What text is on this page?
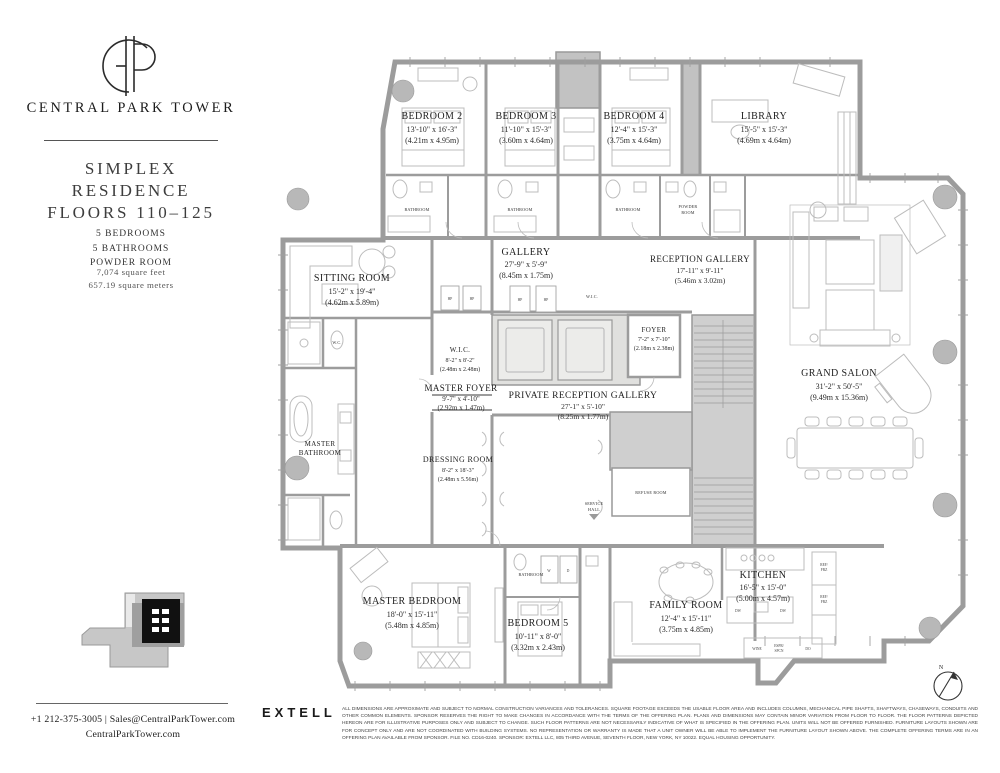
CENTRAL PARK TOWER
SIMPLEX
RESIDENCE
FLOORS 110–125
5 BEDROOMS
5 BATHROOMS
POWDER ROOM
7,074 square feet
657.19 square meters
+1 212-375-3005 | Sales@CentralParkTower.com
CentralParkTower.com
BEDROOM 2
13'-10" x 16'-3"
(4.21m x 4.95m)
BEDROOM 3
11'-10" x 15'-3"
(3.60m x 4.64m)
BEDROOM 4
12'-4" x 15'-3"
(3.75m x 4.64m)
LIBRARY
15'-5" x 15'-3"
(4.69m x 4.64m)
SITTING ROOM
15'-2" x 19'-4"
(4.62m x 5.89m)
GALLERY
27'-9" x 5'-9"
(8.45m x 1.75m)
RECEPTION GALLERY
17'-11" x 9'-11"
(5.46m x 3.02m)
FOYER
7'-2" x 7'-10"
(2.18m x 2.38m)
W.I.C.
8'-2" x 8'-2"
(2.48m x 2.48m)
MASTER FOYER
9'-7" x 4'-10"
(2.92m x 1.47m)
PRIVATE RECEPTION GALLERY
27'-1" x 5'-10"
(8.25m x 1.77m)
GRAND SALON
31'-2" x 50'-5"
(9.49m x 15.36m)
MASTER
BATHROOM
DRESSING ROOM
8'-2" x 18'-3"
(2.48m x 5.56m)
MASTER BEDROOM
18'-0" x 15'-11"
(5.48m x 4.85m)	BEDROOM 5
10'-11" x 8'-0"
(3.32m x 2.43m)
FAMILY ROOM
12'-4" x 15'-11"
(3.75m x 4.85m)
KITCHEN
16'-5" x 15'-0"
(5.00m x 4.57m)
BATHROOM	BATHROOM	BATHROOM
POWDER
ROOM
BATHROOM
W.C.
W.I.C.
REFUSE ROOM
SERVICE
HALL
HP	HP	HP	HP
W	D
DW	DW
WINE
ESPR/
SPCN	DO
REF/
FRZ
REF/
FRZ
N
EXTELL ALL DIMENSIONS ARE APPROXIMATE AND SUBJECT TO NORMAL CONSTRUCTION VARIANCES AND TOLERANCES. SQUARE FOOTAGE EXCEEDS THE USABLE FLOOR AREA AND INCLUDES COLUMNS, MECHANICAL PIPE SHAFTS, SHAFTWAYS, CHASEWAYS, CONDUITS AND OTHER COMMON ELEMENTS. SPONSOR RESERVES THE RIGHT TO MAKE CHANGES IN ACCORDANCE WITH THE TERMS OF THE OFFERING PLAN. PLANS AND DIMENSIONS MAY CONTAIN MINOR VARIATION FROM FLOOR TO FLOOR. THE FLOOR PATTERNS DEPICTED HEREON ARE FOR ILLUSTRATIVE PURPOSES ONLY AND SUBJECT TO CHANGE. SUCH FLOOR PATTERNS ARE NOT NECESSARILY INDICATIVE OF WHAT IS SPECIFIED IN THE OFFERING PLAN. UNITS WILL NOT BE OFFERED FURNISHED. FURNITURE LAYOUTS SHOWN ARE FOR CONCEPT ONLY AND ARE NOT COORDINATED WITH BUILDING SYSTEMS. NO REPRESENTATION OR WARRANTY IS MADE THAT A UNIT OWNER WILL BE ABLE TO IMPLEMENT THE FURNITURE LAYOUT SHOWN ABOVE. THE COMPLETE OFFERING TERMS ARE IN AN OFFERING PLAN AVAILABLE FROM SPONSOR. FILE NO. CD16-0240. SPONSOR: EXTELL LLC, 805 THIRD AVENUE, SEVENTH FLOOR, NEW YORK, NY 10022. EQUAL HOUSING OPPORTUNITY.
